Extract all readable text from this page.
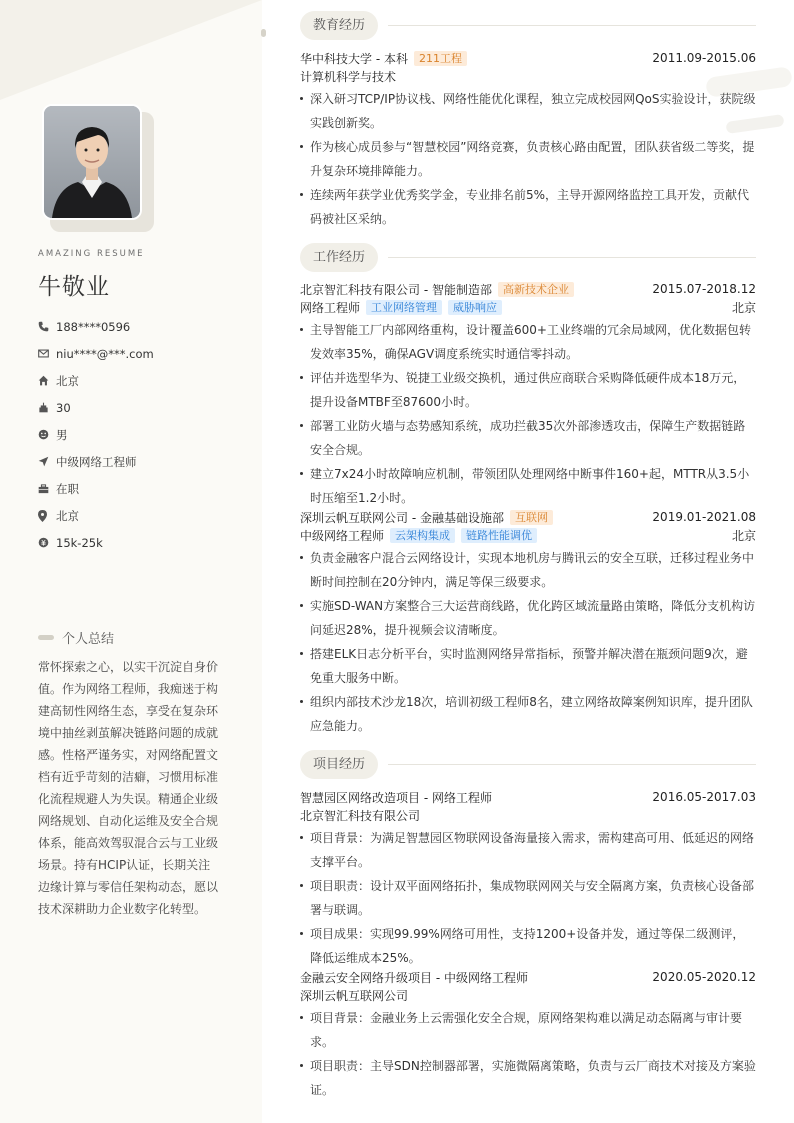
AMAZING RESUME
牛敬业
188****0596
niu****@***.com
北京
30
男
中级网络工程师
在职
北京
15k-25k
个人总结
常怀探索之心，以实干沉淀自身价值。作为网络工程师，我痴迷于构建高韧性网络生态，享受在复杂环境中抽丝剥茧解决链路问题的成就感。性格严谨务实，对网络配置文档有近乎苛刻的洁癖，习惯用标准化流程规避人为失误。精通企业级网络规划、自动化运维及安全合规体系，能高效驾驭混合云与工业级场景。持有HCIP认证，长期关注边缘计算与零信任架构动态，愿以技术深耕助力企业数字化转型。
教育经历
华中科技大学 - 本科	211工程	2011.09-2015.06
计算机科学与技术
深入研习TCP/IP协议栈、网络性能优化课程，独立完成校园网QoS实验设计，获院级实践创新奖。
作为核心成员参与“智慧校园”网络竞赛，负责核心路由配置，团队获省级二等奖，提升复杂环境排障能力。
连续两年获学业优秀奖学金，专业排名前5%，主导开源网络监控工具开发，贡献代码被社区采纳。
工作经历
北京智汇科技有限公司 - 智能制造部	高新技术企业	2015.07-2018.12
网络工程师	工业网络管理	威胁响应	北京
主导智能工厂内部网络重构，设计覆盖600+工业终端的冗余局域网，优化数据包转发效率35%，确保AGV调度系统实时通信零抖动。
评估并选型华为、锐捷工业级交换机，通过供应商联合采购降低硬件成本18万元，提升设备MTBF至87600小时。
部署工业防火墙与态势感知系统，成功拦截35次外部渗透攻击，保障生产数据链路安全合规。
建立7x24小时故障响应机制，带领团队处理网络中断事件160+起，MTTR从3.5小时压缩至1.2小时。
深圳云帆互联网公司 - 金融基础设施部	互联网	2019.01-2021.08
中级网络工程师	云架构集成	链路性能调优	北京
负责金融客户混合云网络设计，实现本地机房与腾讯云的安全互联，迁移过程业务中断时间控制在20分钟内，满足等保三级要求。
实施SD-WAN方案整合三大运营商线路，优化跨区域流量路由策略，降低分支机构访问延迟28%，提升视频会议清晰度。
搭建ELK日志分析平台，实时监测网络异常指标，预警并解决潜在瓶颈问题9次，避免重大服务中断。
组织内部技术沙龙18次，培训初级工程师8名，建立网络故障案例知识库，提升团队应急能力。
项目经历
智慧园区网络改造项目 - 网络工程师	2016.05-2017.03
北京智汇科技有限公司
项目背景：为满足智慧园区物联网设备海量接入需求，需构建高可用、低延迟的网络支撑平台。
项目职责：设计双平面网络拓扑，集成物联网网关与安全隔离方案，负责核心设备部署与联调。
项目成果：实现99.99%网络可用性，支持1200+设备并发，通过等保二级测评，降低运维成本25%。
金融云安全网络升级项目 - 中级网络工程师	2020.05-2020.12
深圳云帆互联网公司
项目背景：金融业务上云需强化安全合规，原网络架构难以满足动态隔离与审计要求。
项目职责：主导SDN控制器部署，实施微隔离策略，负责与云厂商技术对接及方案验证。
